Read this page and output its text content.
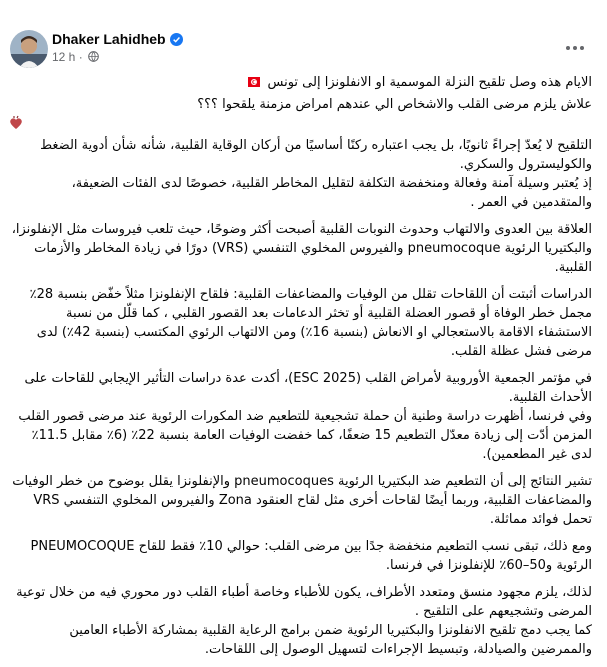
Dhaker Lahidheb
12 h ·

الايام هذه وصل تلقيح النزلة الموسمية او الانفلونزا إلى تونس

علاش يلزم مرضى القلب والاشخاص الي عندهم امراض مزمنة يلقحوا ؟؟؟

التلقيح لا يُعدّ إجراءً ثانويًا، بل يجب اعتباره ركنًا أساسيًا من أركان الوقاية القلبية، شأنه شأن أدوية الضغط والكوليسترول والسكري.

إذ يُعتبر وسيلة آمنة وفعالة ومنخفضة التكلفة لتقليل المخاطر القلبية، خصوصًا لدى الفئات الضعيفة، والمتقدمين في العمر .

العلاقة بين العدوى والالتهاب وحدوث النوبات القلبية أصبحت أكثر وضوحًا، حيث تلعب فيروسات مثل الإنفلونزا، والبكتيريا الرئوية pneumocoque والفيروس المخلوي التنفسي (VRS) دورًا في زيادة المخاطر والأزمات القلبية.

الدراسات أثبتت أن اللقاحات تقلل من الوفيات والمضاعفات القلبية: فلقاح الإنفلونزا مثلاً خفّض بنسبة 28٪ مجمل خطر الوفاة أو قصور العضلة القلبية أو تخثر الدعامات بعد القصور القلبي ، كما قلّل من نسبة الاستشفاء الاقامة بالاستعجالي او الانعاش (بنسبة 16٪) ومن الالتهاب الرئوي المكتسب (بنسبة 42٪) لدى مرضى فشل عظلة القلب.

في مؤتمر الجمعية الأوروبية لأمراض القلب (ESC 2025)، أكدت عدة دراسات التأثير الإيجابي للقاحات على الأحداث القلبية.

وفي فرنسا، أظهرت دراسة وطنية أن حملة تشجيعية للتطعيم ضد المكورات الرئوية عند مرضى قصور القلب المزمن أدّت إلى زيادة معدّل التطعيم 15 ضعفًا، كما خفضت الوفيات العامة بنسبة 22٪ (6٪ مقابل 11.5٪ لدى غير المطعمين).

تشير النتائج إلى أن التطعيم ضد البكتيريا الرئوية pneumocoques والإنفلونزا يقلل بوضوح من خطر الوفيات والمضاعفات القلبية، وربما أيضًا لقاحات أخرى مثل لقاح العنقود Zona والفيروس المخلوي التنفسي VRS تحمل فوائد مماثلة.

ومع ذلك، تبقى نسب التطعيم منخفضة جدًا بين مرضى القلب: حوالي 10٪ فقط للقاح PNEUMOCOQUE الرئوية و50–60٪ للإنفلونزا في فرنسا.

لذلك، يلزم مجهود منسق ومتعدد الأطراف، يكون للأطباء وخاصة أطباء القلب دور محوري فيه من خلال توعية المرضى وتشجيعهم على التلقيح .

كما يجب دمج تلقيح الانفلونزا والبكتيريا الرئوية ضمن برامج الرعاية القلبية بمشاركة الأطباء العامين والممرضين والصيادلة، وتبسيط الإجراءات لتسهيل الوصول إلى اللقاحات.
